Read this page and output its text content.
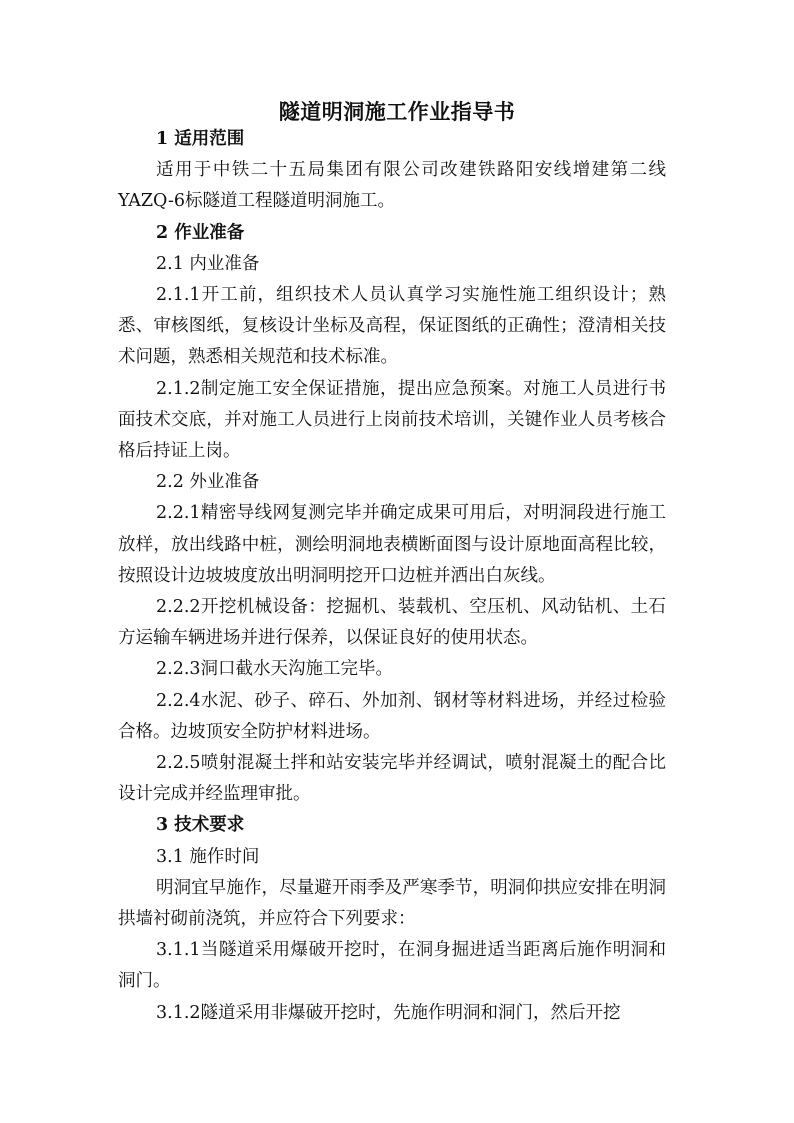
隧道明洞施工作业指导书

1 适用范围

适用于中铁二十五局集团有限公司改建铁路阳安线增建第二线YAZQ-6标隧道工程隧道明洞施工。

2 作业准备

2.1 内业准备

2.1.1开工前，组织技术人员认真学习实施性施工组织设计；熟悉、审核图纸，复核设计坐标及高程，保证图纸的正确性；澄清相关技术问题，熟悉相关规范和技术标准。

2.1.2制定施工安全保证措施，提出应急预案。对施工人员进行书面技术交底，并对施工人员进行上岗前技术培训，关键作业人员考核合格后持证上岗。

2.2 外业准备

2.2.1精密导线网复测完毕并确定成果可用后，对明洞段进行施工放样，放出线路中桩，测绘明洞地表横断面图与设计原地面高程比较，按照设计边坡坡度放出明洞明挖开口边桩并洒出白灰线。

2.2.2开挖机械设备：挖掘机、装载机、空压机、风动钻机、土石方运输车辆进场并进行保养，以保证良好的使用状态。

2.2.3洞口截水天沟施工完毕。

2.2.4水泥、砂子、碎石、外加剂、钢材等材料进场，并经过检验合格。边坡顶安全防护材料进场。

2.2.5喷射混凝土拌和站安装完毕并经调试，喷射混凝土的配合比设计完成并经监理审批。

3 技术要求

3.1 施作时间

明洞宜早施作，尽量避开雨季及严寒季节，明洞仰拱应安排在明洞拱墙衬砌前浇筑，并应符合下列要求：

3.1.1当隧道采用爆破开挖时，在洞身掘进适当距离后施作明洞和洞门。

3.1.2隧道采用非爆破开挖时，先施作明洞和洞门，然后开挖
